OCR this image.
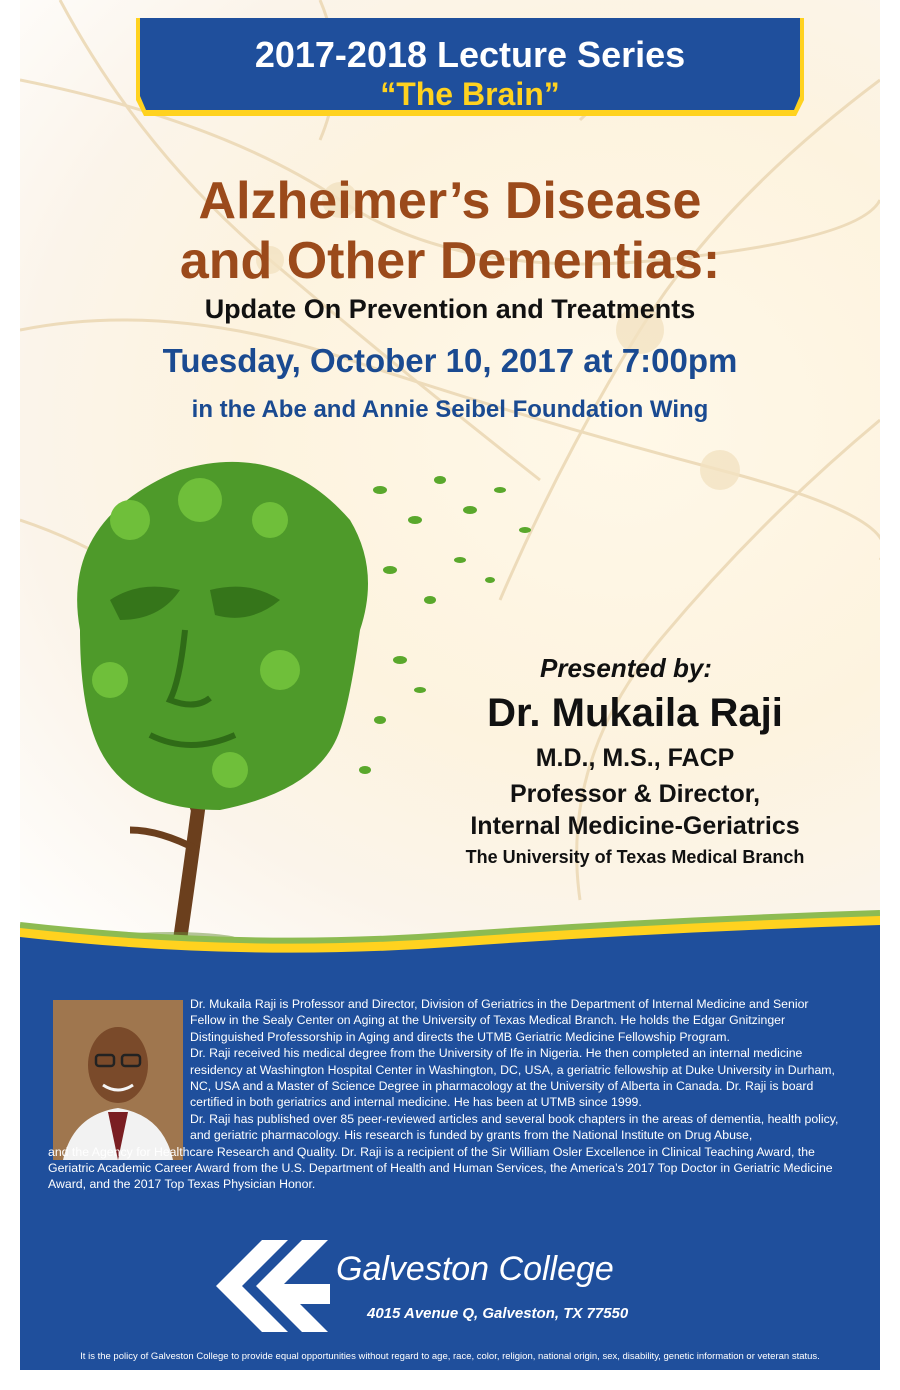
2017-2018 Lecture Series
“The Brain”
Alzheimer’s Disease
and Other Dementias:
Update On Prevention and Treatments
Tuesday, October 10, 2017 at 7:00pm
in the Abe and Annie Seibel Foundation Wing
Presented by:
Dr. Mukaila Raji
M.D., M.S., FACP
Professor & Director,
Internal Medicine-Geriatrics
The University of Texas Medical Branch

Dr. Mukaila Raji is Professor and Director, Division of Geriatrics in the Department of Internal Medicine and Senior Fellow in the Sealy Center on Aging at the University of Texas Medical Branch. He holds the Edgar Gnitzinger Distinguished Professorship in Aging and directs the UTMB Geriatric Medicine Fellowship Program.

Dr. Raji received his medical degree from the University of Ife in Nigeria. He then completed an internal medicine residency at Washington Hospital Center in Washington, DC, USA, a geriatric fellowship at Duke University in Durham, NC, USA and a Master of Science Degree in pharmacology at the University of Alberta in Canada. Dr. Raji is board certified in both geriatrics and internal medicine. He has been at UTMB since 1999.

Dr. Raji has published over 85 peer-reviewed articles and several book chapters in the areas of dementia, health policy, and geriatric pharmacology. His research is funded by grants from the National Institute on Drug Abuse,

and the Agency for Healthcare Research and Quality. Dr. Raji is a recipient of the Sir William Osler Excellence in Clinical Teaching Award, the Geriatric Academic Career Award from the U.S. Department of Health and Human Services, the America’s 2017 Top Doctor in Geriatric Medicine Award, and the 2017 Top Texas Physician Honor.

Galveston College
4015 Avenue Q, Galveston, TX 77550
It is the policy of Galveston College to provide equal opportunities without regard to age, race, color, religion, national origin, sex, disability, genetic information or veteran status.
